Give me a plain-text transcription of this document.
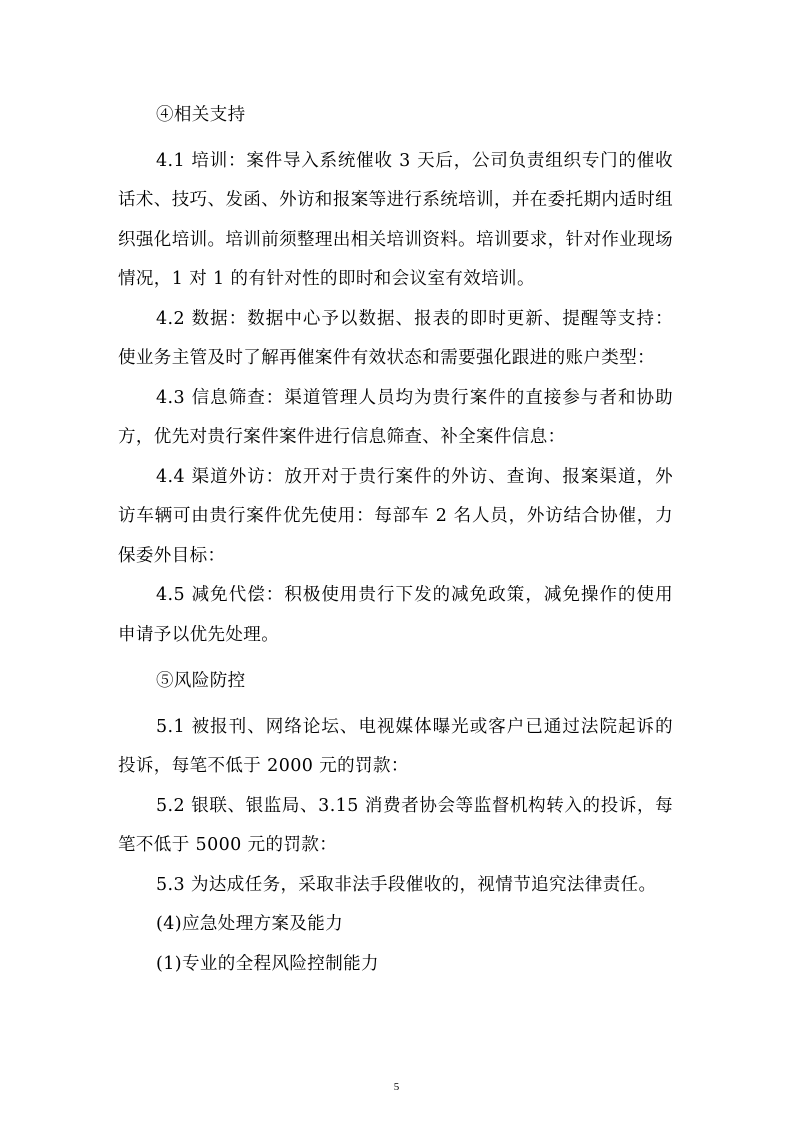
④相关支持

4.1 培训：案件导入系统催收 3 天后，公司负责组织专门的催收话术、技巧、发函、外访和报案等进行系统培训，并在委托期内适时组织强化培训。培训前须整理出相关培训资料。培训要求，针对作业现场情况，1 对 1 的有针对性的即时和会议室有效培训。

4.2 数据：数据中心予以数据、报表的即时更新、提醒等支持：使业务主管及时了解再催案件有效状态和需要强化跟进的账户类型：

4.3 信息筛查：渠道管理人员均为贵行案件的直接参与者和协助方，优先对贵行案件案件进行信息筛查、补全案件信息：

4.4 渠道外访：放开对于贵行案件的外访、查询、报案渠道，外访车辆可由贵行案件优先使用：每部车 2 名人员，外访结合协催，力保委外目标：

4.5 减免代偿：积极使用贵行下发的减免政策，减免操作的使用申请予以优先处理。

⑤风险防控

5.1 被报刊、网络论坛、电视媒体曝光或客户已通过法院起诉的投诉，每笔不低于 2000 元的罚款：

5.2 银联、银监局、3.15 消费者协会等监督机构转入的投诉，每笔不低于 5000 元的罚款：

5.3 为达成任务，采取非法手段催收的，视情节追究法律责任。

(4)应急处理方案及能力

(1)专业的全程风险控制能力

5
